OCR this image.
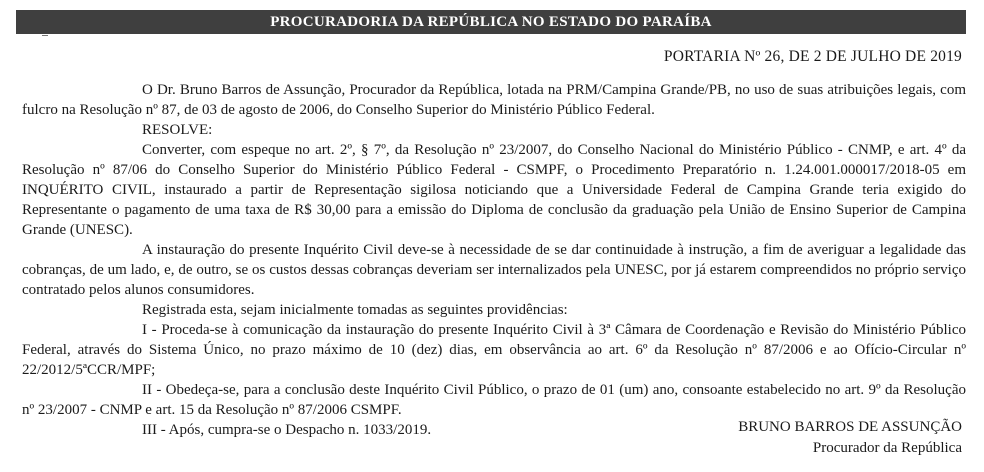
PROCURADORIA DA REPÚBLICA NO ESTADO DO PARAÍBA
PORTARIA Nº 26, DE 2 DE JULHO DE 2019

O Dr. Bruno Barros de Assunção, Procurador da República, lotada na PRM/Campina Grande/PB, no uso de suas atribuições legais, com fulcro na Resolução nº 87, de 03 de agosto de 2006, do Conselho Superior do Ministério Público Federal.

RESOLVE:

Converter, com espeque no art. 2º, § 7º, da Resolução nº 23/2007, do Conselho Nacional do Ministério Público - CNMP, e art. 4º da Resolução nº 87/06 do Conselho Superior do Ministério Público Federal - CSMPF, o Procedimento Preparatório n. 1.24.001.000017/2018-05 em INQUÉRITO CIVIL, instaurado a partir de Representação sigilosa noticiando que a Universidade Federal de Campina Grande teria exigido do Representante o pagamento de uma taxa de R$ 30,00 para a emissão do Diploma de conclusão da graduação pela União de Ensino Superior de Campina Grande (UNESC).

A instauração do presente Inquérito Civil deve-se à necessidade de se dar continuidade à instrução, a fim de averiguar a legalidade das cobranças, de um lado, e, de outro, se os custos dessas cobranças deveriam ser internalizados pela UNESC, por já estarem compreendidos no próprio serviço contratado pelos alunos consumidores.

Registrada esta, sejam inicialmente tomadas as seguintes providências:

I - Proceda-se à comunicação da instauração do presente Inquérito Civil à 3ª Câmara de Coordenação e Revisão do Ministério Público Federal, através do Sistema Único, no prazo máximo de 10 (dez) dias, em observância ao art. 6º da Resolução nº 87/2006 e ao Ofício-Circular nº 22/2012/5ªCCR/MPF;

II - Obedeça-se, para a conclusão deste Inquérito Civil Público, o prazo de 01 (um) ano, consoante estabelecido no art. 9º da Resolução nº 23/2007 - CNMP e art. 15 da Resolução nº 87/2006 CSMPF.

III - Após, cumpra-se o Despacho n. 1033/2019.	BRUNO BARROS DE ASSUNÇÃO
Procurador da República
